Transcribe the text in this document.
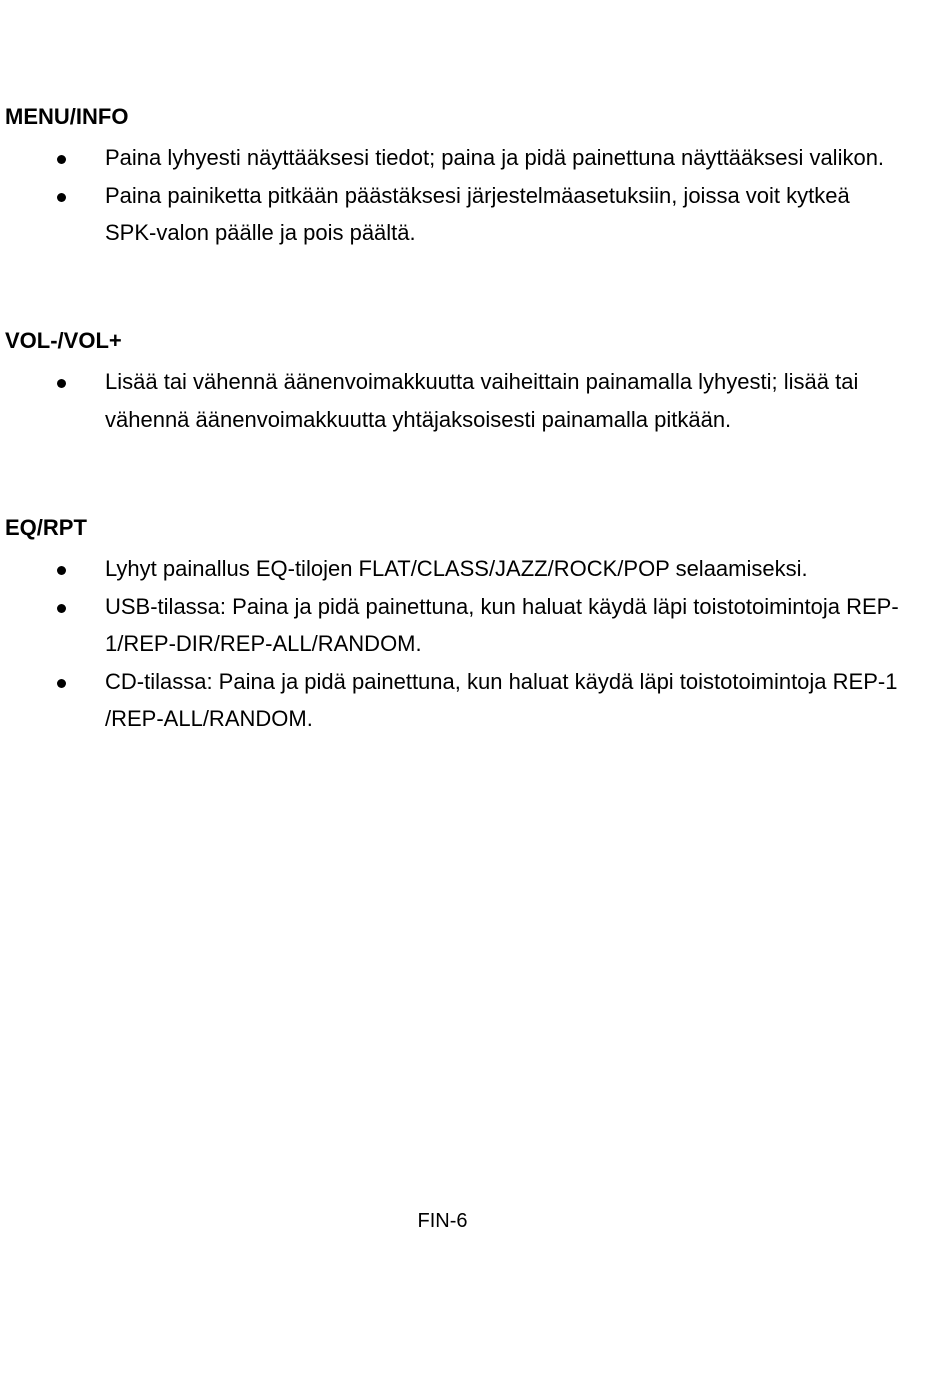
MENU/INFO
Paina lyhyesti näyttääksesi tiedot; paina ja pidä painettuna näyttääksesi valikon.
Paina painiketta pitkään päästäksesi järjestelmäasetuksiin, joissa voit kytkeä SPK-valon päälle ja pois päältä.
VOL-/VOL+
Lisää tai vähennä äänenvoimakkuutta vaiheittain painamalla lyhyesti; lisää tai vähennä äänenvoimakkuutta yhtäjaksoisesti painamalla pitkään.
EQ/RPT
Lyhyt painallus EQ-tilojen FLAT/CLASS/JAZZ/ROCK/POP selaamiseksi.
USB-tilassa: Paina ja pidä painettuna, kun haluat käydä läpi toistotoimintoja REP-1/REP-DIR/REP-ALL/RANDOM.
CD-tilassa: Paina ja pidä painettuna, kun haluat käydä läpi toistotoimintoja REP-1 /REP-ALL/RANDOM.
FIN-6
